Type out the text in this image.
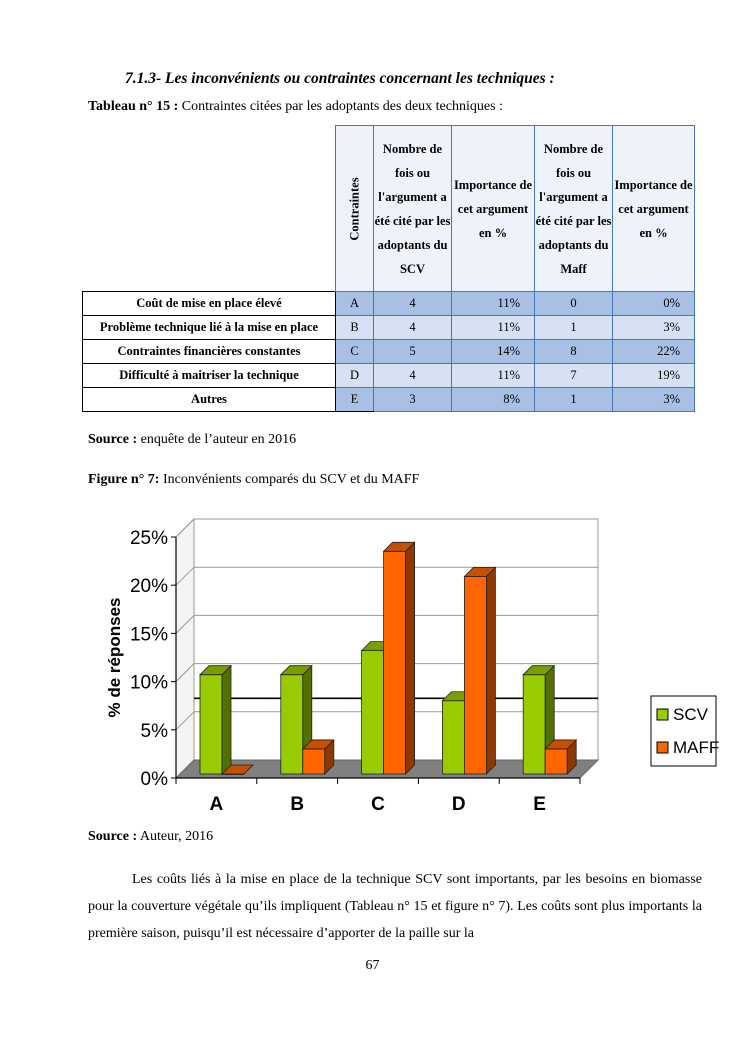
7.1.3- Les inconvénients ou contraintes concernant les techniques :
Tableau n° 15 : Contraintes citées par les adoptants des deux techniques :

	Contraintes	Nombre de fois ou l'argument a été cité par les adoptants du SCV	Importance de cet argument en %	Nombre de fois ou l'argument a été cité par les adoptants du Maff	Importance de cet argument en %
Coût de mise en place élevé	A	4	11%	0	0%
Problème technique lié à la mise en place	B	4	11%	1	3%
Contraintes financières constantes	C	5	14%	8	22%
Difficulté à maitriser la technique	D	4	11%	7	19%
Autres	E	3	8%	1	3%
Source : enquête de l’auteur en 2016
Figure n° 7: Inconvénients comparés du SCV et du MAFF
0%
5%
10%
15%
20%
25%
% de réponses
A	B	C	D	E
SCV
MAFF
Source : Auteur, 2016
Les coûts liés à la mise en place de la technique SCV sont importants, par les besoins en biomasse pour la couverture végétale qu’ils impliquent (Tableau n° 15 et figure n° 7). Les coûts sont plus importants la première saison, puisqu’il est nécessaire d’apporter de la paille sur la
67
